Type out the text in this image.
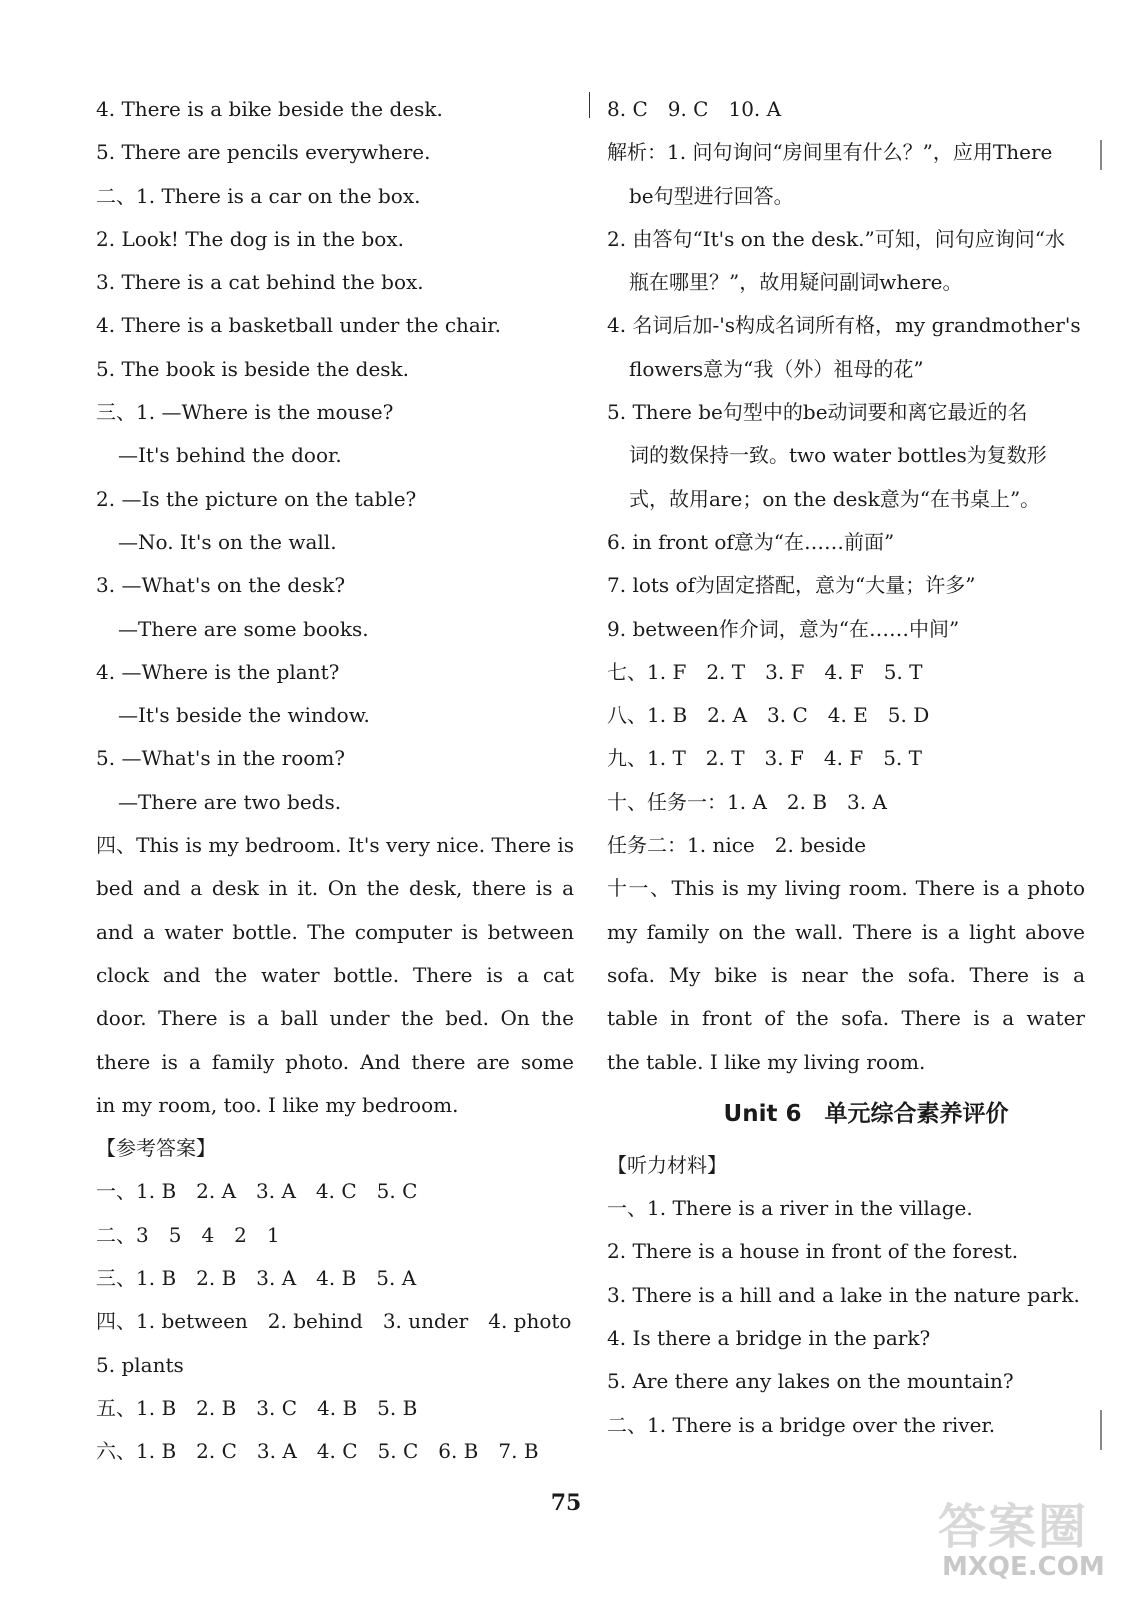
4. There is a bike beside the desk.
5. There are pencils everywhere.
二、1. There is a car on the box.
2. Look! The dog is in the box.
3. There is a cat behind the box.
4. There is a basketball under the chair.
5. The book is beside the desk.
三、1. —Where is the mouse?
—It's behind the door.
2. —Is the picture on the table?
—No. It's on the wall.
3. —What's on the desk?
—There are some books.
4. —Where is the plant?
—It's beside the window.
5. —What's in the room?
—There are two beds.
四、This is my bedroom. It's very nice. There is
bed and a desk in it. On the desk, there is a
and a water bottle. The computer is between
clock and the water bottle. There is a cat
door. There is a ball under the bed. On the
there is a family photo. And there are some
in my room, too. I like my bedroom.
【参考答案】
一、1. B　2. A　3. A　4. C　5. C
二、3　5　4　2　1
三、1. B　2. B　3. A　4. B　5. A
四、1. between　2. behind　3. under　4. photo
5. plants
五、1. B　2. B　3. C　4. B　5. B
六、1. B　2. C　3. A　4. C　5. C　6. B　7. B
8. C　9. C　10. A
解析：1. 问句询问“房间里有什么？”，应用There
be句型进行回答。
2. 由答句“It's on the desk.”可知，问句应询问“水
瓶在哪里？”，故用疑问副词where。
4. 名词后加-'s构成名词所有格，my grandmother's
flowers意为“我（外）祖母的花”
5. There be句型中的be动词要和离它最近的名
词的数保持一致。two water bottles为复数形
式，故用are；on the desk意为“在书桌上”。
6. in front of意为“在……前面”
7. lots of为固定搭配，意为“大量；许多”
9. between作介词，意为“在……中间”
七、1. F　2. T　3. F　4. F　5. T
八、1. B　2. A　3. C　4. E　5. D
九、1. T　2. T　3. F　4. F　5. T
十、任务一：1. A　2. B　3. A
任务二：1. nice　2. beside
十一、This is my living room. There is a photo
my family on the wall. There is a light above
sofa. My bike is near the sofa. There is a
table in front of the sofa. There is a water
the table. I like my living room.
Unit 6　单元综合素养评价
【听力材料】
一、1. There is a river in the village.
2. There is a house in front of the forest.
3. There is a hill and a lake in the nature park.
4. Is there a bridge in the park?
5. Are there any lakes on the mountain?
二、1. There is a bridge over the river.
75	答案圈
MXQE.COM
